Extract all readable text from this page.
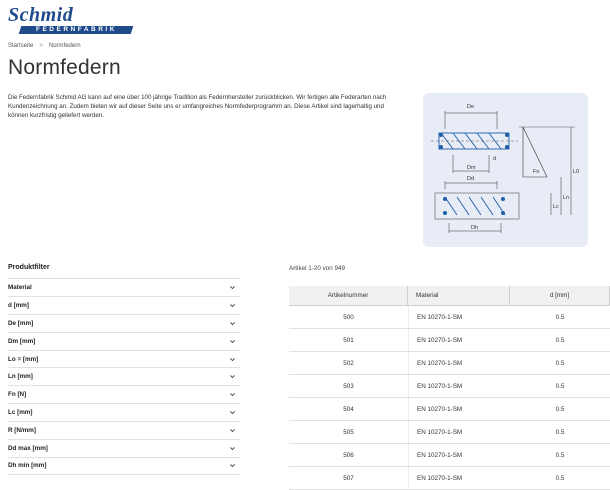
Schmid
FEDERNFABRIK
Startseite > Normfedern
Normfedern

Die Federnfabrik Schmid AG kann auf eine über 100 jährige Tradition als Federnhersteller zurückblicken. Wir fertigen alle Federarten nach Kundenzeichnung an. Zudem bieten wir auf dieser Seite uns er umfangreiches Normfederprogramm an. Diese Artikel sind lagerhaltig und können kurzfristig geliefert werden.

De
Dm
d
Fn	L0
Ln
Lc
Dd
Dh
Produktfilter
Material
d [mm]
De [mm]
Dm [mm]
Lo = [mm]
Ln [mm]
Fn [N]
Lc [mm]
R [N/mm]
Dd max [mm]
Dh min [mm]
Artikel 1-20 von 949
Artikelnummer	Material	d [mm]
500	EN 10270-1-SM	0.5
501	EN 10270-1-SM	0.5
502	EN 10270-1-SM	0.5
503	EN 10270-1-SM	0.5
504	EN 10270-1-SM	0.5
505	EN 10270-1-SM	0.5
506	EN 10270-1-SM	0.5
507	EN 10270-1-SM	0.5
